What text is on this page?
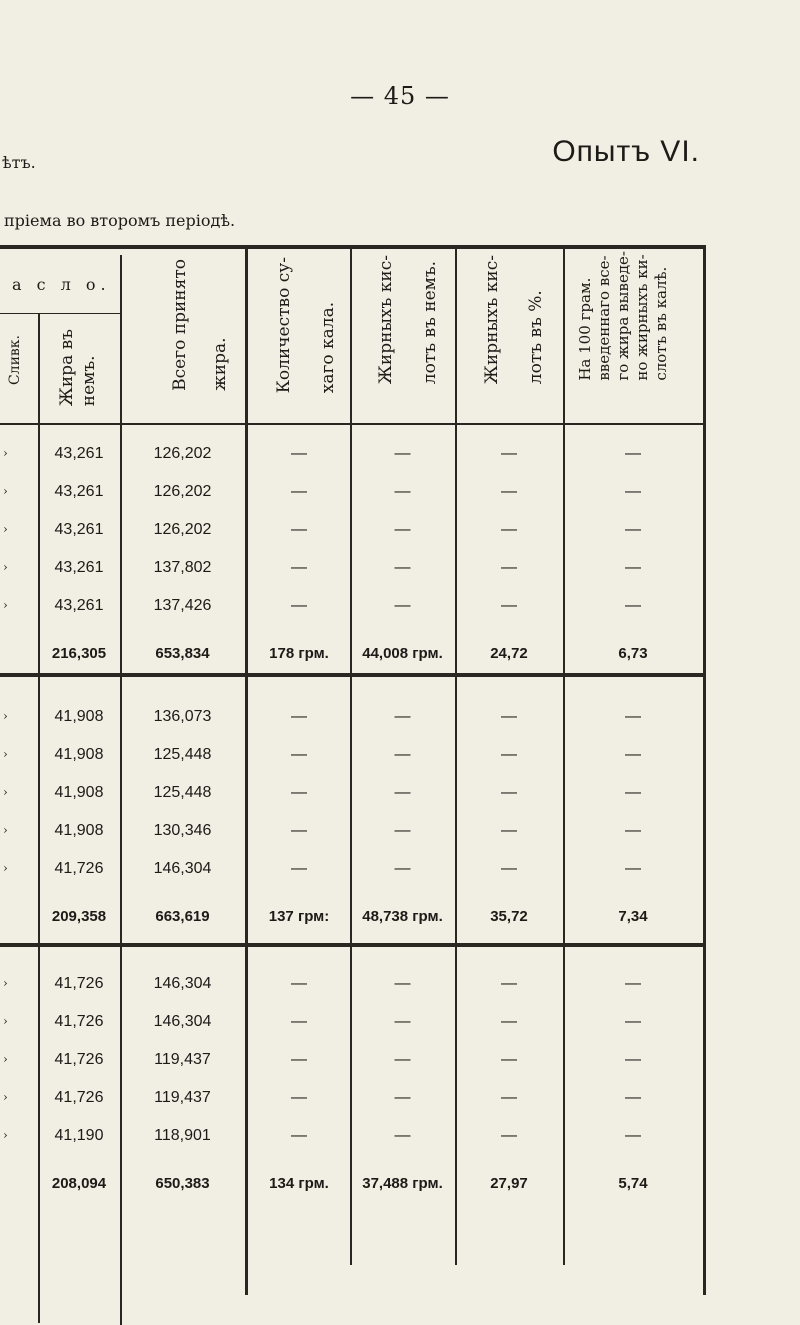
— 45 —
ѣтъ.	Опытъ VI.
пріема во второмъ періодѣ.
а с л о.
Сливк. Жира въ немъ.	Всего принято жира.	Количество су- хаго кала.	Жирныхъ кис- лотъ въ немъ.	Жирныхъ кис- лотъ въ %.	На 100 грам.
введеннаго все-
го жира выведе-
но жирныхъ ки-
слотъ въ калѣ.
43,261	126,202	—	—	—	—
›
43,261	126,202	—	—	—	—
›
43,261	126,202	—	—	—	—
›
43,261	137,802	—	—	—	—
›
43,261	137,426	—	—	—	—
›
216,305	653,834	178 грм.	44,008 грм.	24,72	6,73
41,908	136,073	—	—	—	—
›
41,908	125,448	—	—	—	—
›
41,908	125,448	—	—	—	—
›
41,908	130,346	—	—	—	—
›
41,726	146,304	—	—	—	—
›
209,358	663,619	137 грм:	48,738 грм.	35,72	7,34
41,726	146,304	—	—	—	—
›
41,726	146,304	—	—	—	—
›
41,726	119,437	—	—	—	—
›
41,726	119,437	—	—	—	—
›
41,190	118,901	—	—	—	—
›
208,094	650,383	134 грм.	37,488 грм.	27,97	5,74
